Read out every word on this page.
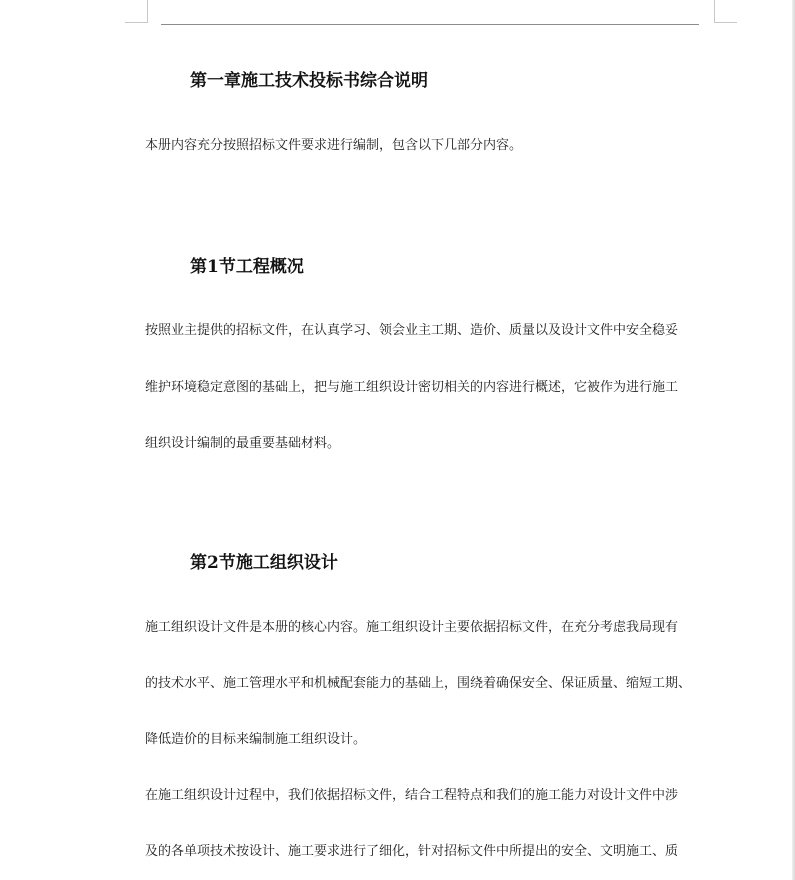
第一章施工技术投标书综合说明
本册内容充分按照招标文件要求进行编制，包含以下几部分内容。
第1节工程概况
按照业主提供的招标文件，在认真学习、领会业主工期、造价、质量以及设计文件中安全稳妥
维护环境稳定意图的基础上，把与施工组织设计密切相关的内容进行概述，它被作为进行施工
组织设计编制的最重要基础材料。
第2节施工组织设计
施工组织设计文件是本册的核心内容。施工组织设计主要依据招标文件，在充分考虑我局现有
的技术水平、施工管理水平和机械配套能力的基础上，围绕着确保安全、保证质量、缩短工期、
降低造价的目标来编制施工组织设计。
在施工组织设计过程中，我们依据招标文件，结合工程特点和我们的施工能力对设计文件中涉
及的各单项技术按设计、施工要求进行了细化，针对招标文件中所提出的安全、文明施工、质
